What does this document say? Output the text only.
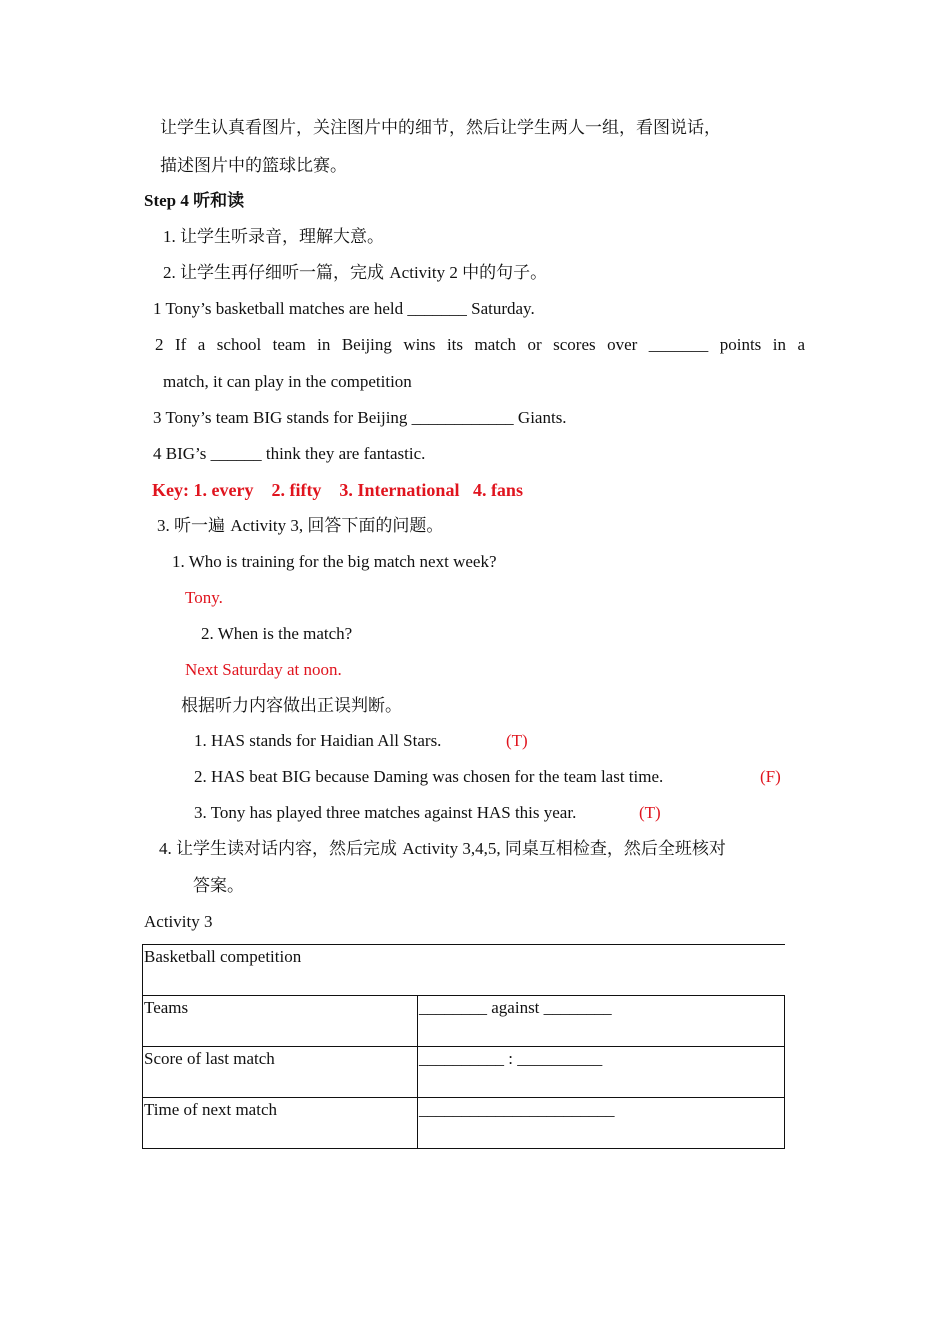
让学生认真看图片，关注图片中的细节，然后让学生两人一组，看图说话，
描述图片中的篮球比赛。
Step 4 听和读
1. 让学生听录音，理解大意。
2. 让学生再仔细听一篇，完成 Activity 2 中的句子。
1 Tony’s basketball matches are held _______ Saturday.
2 If a school team in Beijing wins its match or scores over _______ points in a
match, it can play in the competition
3 Tony’s team BIG stands for Beijing ____________ Giants.
4 BIG’s ______ think they are fantastic.
Key: 1. every    2. fifty    3. International   4. fans
3. 听一遍 Activity 3, 回答下面的问题。
1. Who is training for the big match next week?
Tony.
2. When is the match?
Next Saturday at noon.
根据听力内容做出正误判断。
1. HAS stands for Haidian All Stars.	(T)
2. HAS beat BIG because Daming was chosen for the team last time.	(F)
3. Tony has played three matches against HAS this year.	(T)
4. 让学生读对话内容，然后完成 Activity 3,4,5, 同桌互相检查，然后全班核对
答案。
Activity 3
Basketball competition	
Teams	________ against ________
Score of last match	__________ : __________
Time of next match	_______________________
